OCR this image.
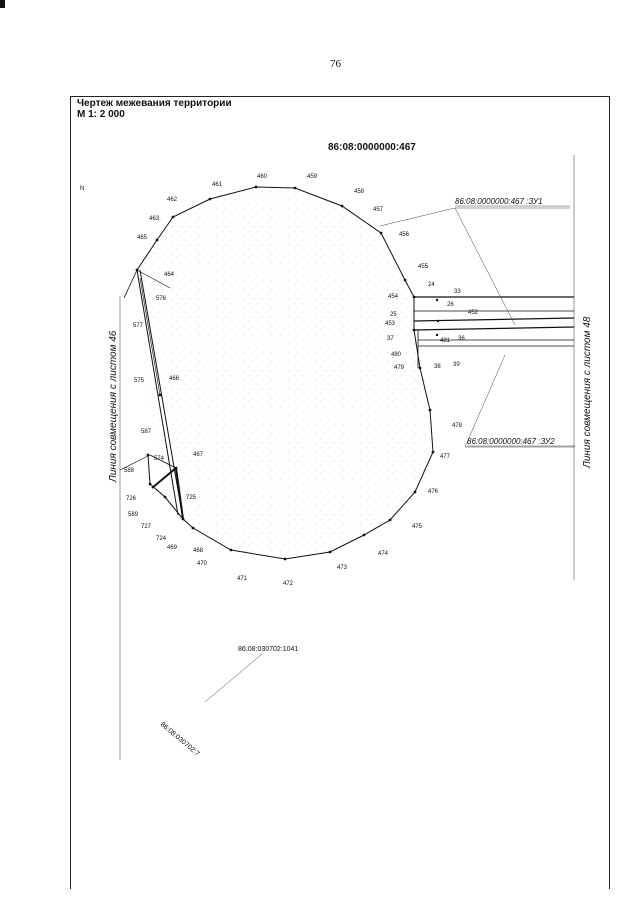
76
Чертеж межевания территории
М 1: 2 000
86:08:0000000:467
86:08:0000000:467 :ЗУ1
86:08:0000000:467 :ЗУ2
Линия совмещения с листом 46	Линия совмещения с листом 48
86:08:030702:1041
86:08:030702:7
N
460	459
461
458
462
457
463
456
465
455
464
24
33
454
26
576
452
25
453
577
37	481 36
480
479	38 39
575	466
478
587
467	477
588
574
726	725
476
589
727	475
724
469	468	474
470
473
471
472
